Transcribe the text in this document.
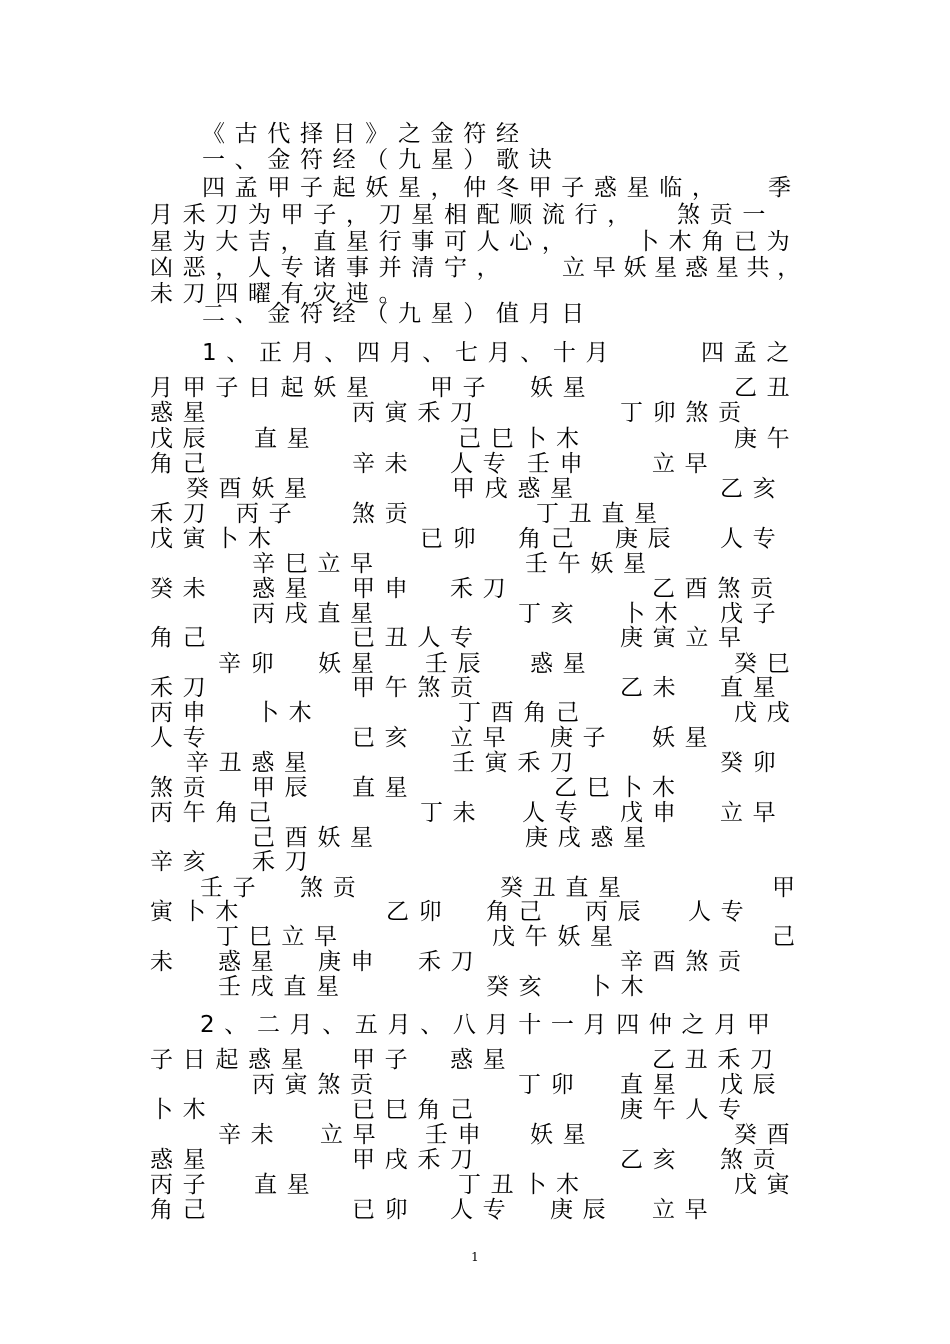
《古代择日》之金符经
一、金符经（九星）歌诀
四孟甲子起妖星，仲冬甲子惑星临， 季
月禾刀为甲子，刀星相配顺流行， 煞贡一
星为大吉，直星行事可人心，	卜木角已为
凶恶，人专诸事并清宁， 立早妖星惑星共，
未刀四曜有灾迍。
二、金符经（九星）值月日
1、正月、四月、七月、十月	四孟之
月甲子日起妖星 甲子 妖星	乙丑
惑星	丙寅禾刀	丁卯煞贡
戊辰 直星	己巳卜木	庚午
角己	辛未 人专 壬申	立早
癸酉妖星	甲戌惑星	乙亥
禾刀 丙子 煞贡	丁丑直星
戊寅卜木	已卯 角己 庚辰 人专
辛巳立早	壬午妖星
癸未 惑星 甲申 禾刀	乙酉煞贡
丙戌直星	丁亥 卜木 戊子
角己	已丑人专	庚寅立早
辛卯 妖星 壬辰 惑星	癸巳
禾刀	甲午煞贡	乙未 直星
丙申 卜木	丁酉角己	戊戌
人专	已亥 立早 庚子 妖星
辛丑惑星	壬寅禾刀	癸卯
煞贡 甲辰 直星	乙巳卜木
丙午角己	丁未 人专 戊申 立早
己酉妖星	庚戌惑星
辛亥 禾刀
壬子 煞贡	癸丑直星	甲
寅卜木	乙卯 角己 丙辰 人专
丁巳立早	戊午妖星	己
未 惑星 庚申 禾刀	辛酉煞贡
壬戌直星	癸亥 卜木
2、二月、五月、八月十一月四仲之月甲
子日起惑星 甲子 惑星	乙丑禾刀
丙寅煞贡	丁卯 直星 戊辰
卜木	已巳角己	庚午人专
辛未 立早 壬申 妖星	癸酉
惑星	甲戌禾刀	乙亥 煞贡
丙子 直星	丁丑卜木	戊寅
角己	已卯 人专 庚辰 立早
1
